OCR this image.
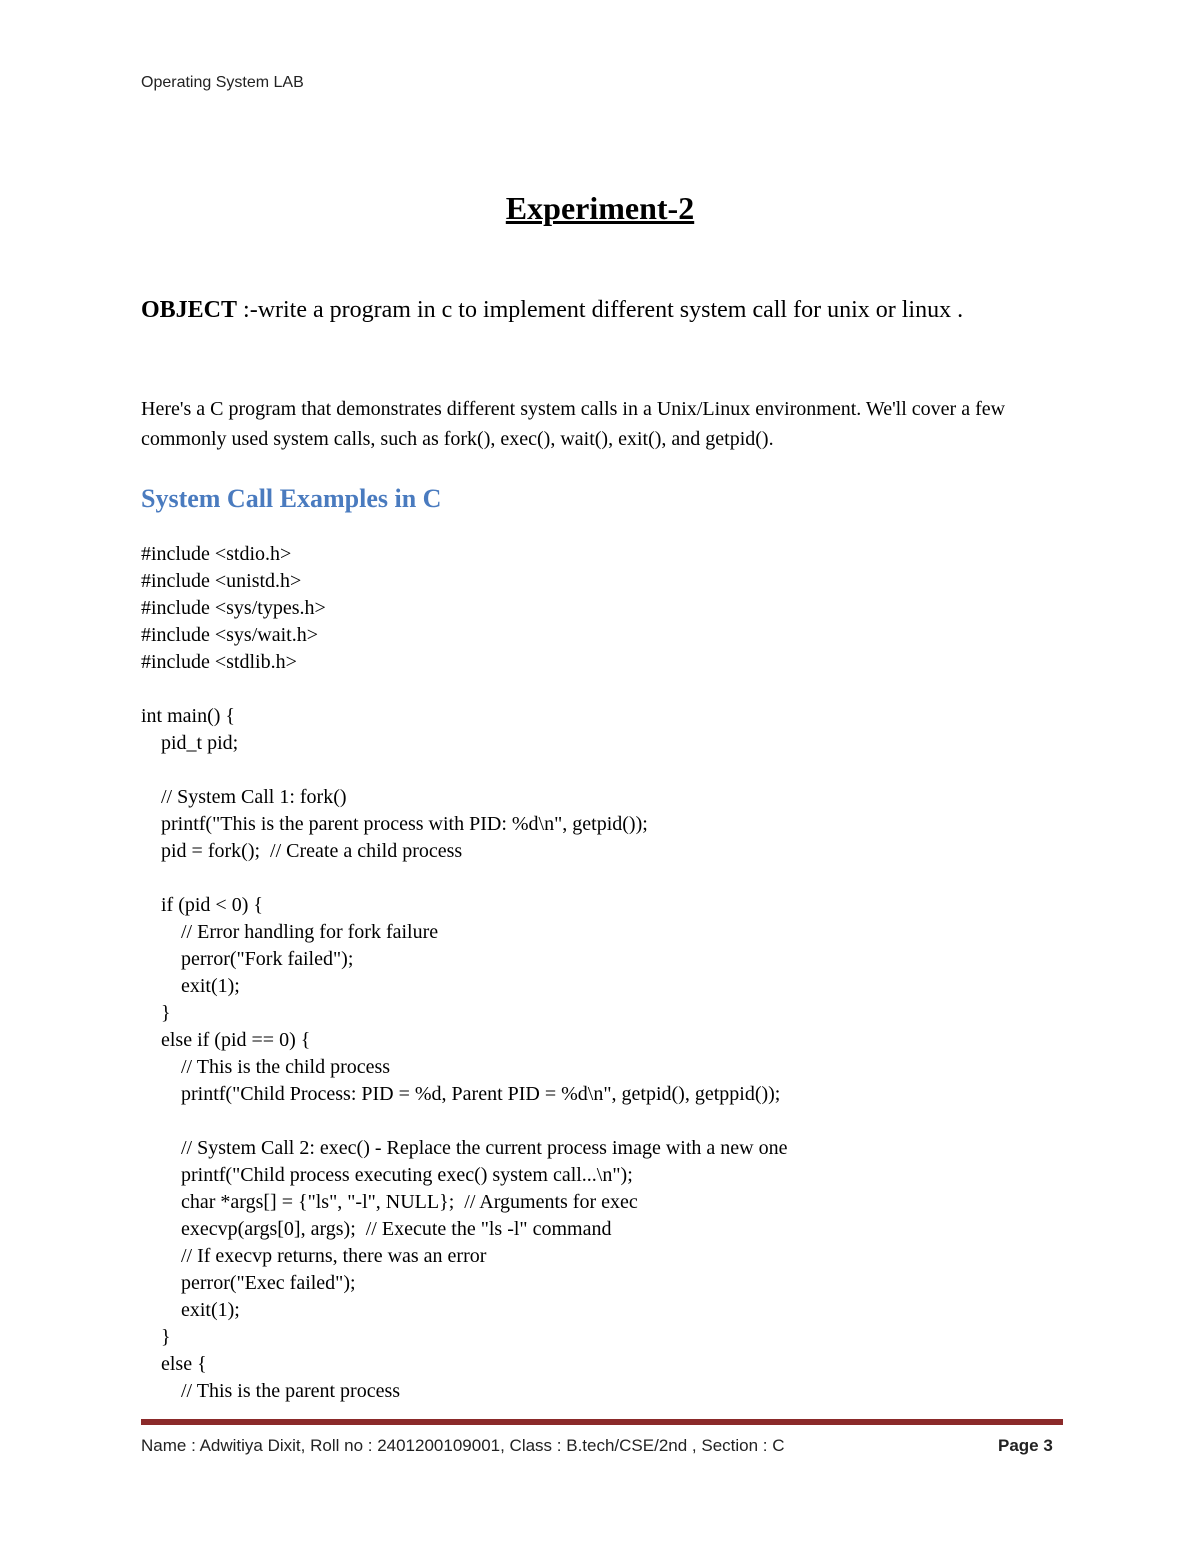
Operating System LAB
Experiment-2
OBJECT :-write a program in c to implement different system call for unix or linux .
Here's a C program that demonstrates different system calls in a Unix/Linux environment. We'll cover a few commonly used system calls, such as fork(), exec(), wait(), exit(), and getpid().
System Call Examples in C
#include <stdio.h>
#include <unistd.h>
#include <sys/types.h>
#include <sys/wait.h>
#include <stdlib.h>
int main() {
pid_t pid;
// System Call 1: fork()
printf("This is the parent process with PID: %d\n", getpid());
pid = fork();  // Create a child process
if (pid < 0) {
// Error handling for fork failure
perror("Fork failed");
exit(1);
}
else if (pid == 0) {
// This is the child process
printf("Child Process: PID = %d, Parent PID = %d\n", getpid(), getppid());
// System Call 2: exec() - Replace the current process image with a new one
printf("Child process executing exec() system call...\n");
char *args[] = {"ls", "-l", NULL};  // Arguments for exec
execvp(args[0], args);  // Execute the "ls -l" command
// If execvp returns, there was an error
perror("Exec failed");
exit(1);
}
else {
// This is the parent process
Name : Adwitiya Dixit, Roll no : 2401200109001, Class : B.tech/CSE/2nd , Section : C	Page 3
